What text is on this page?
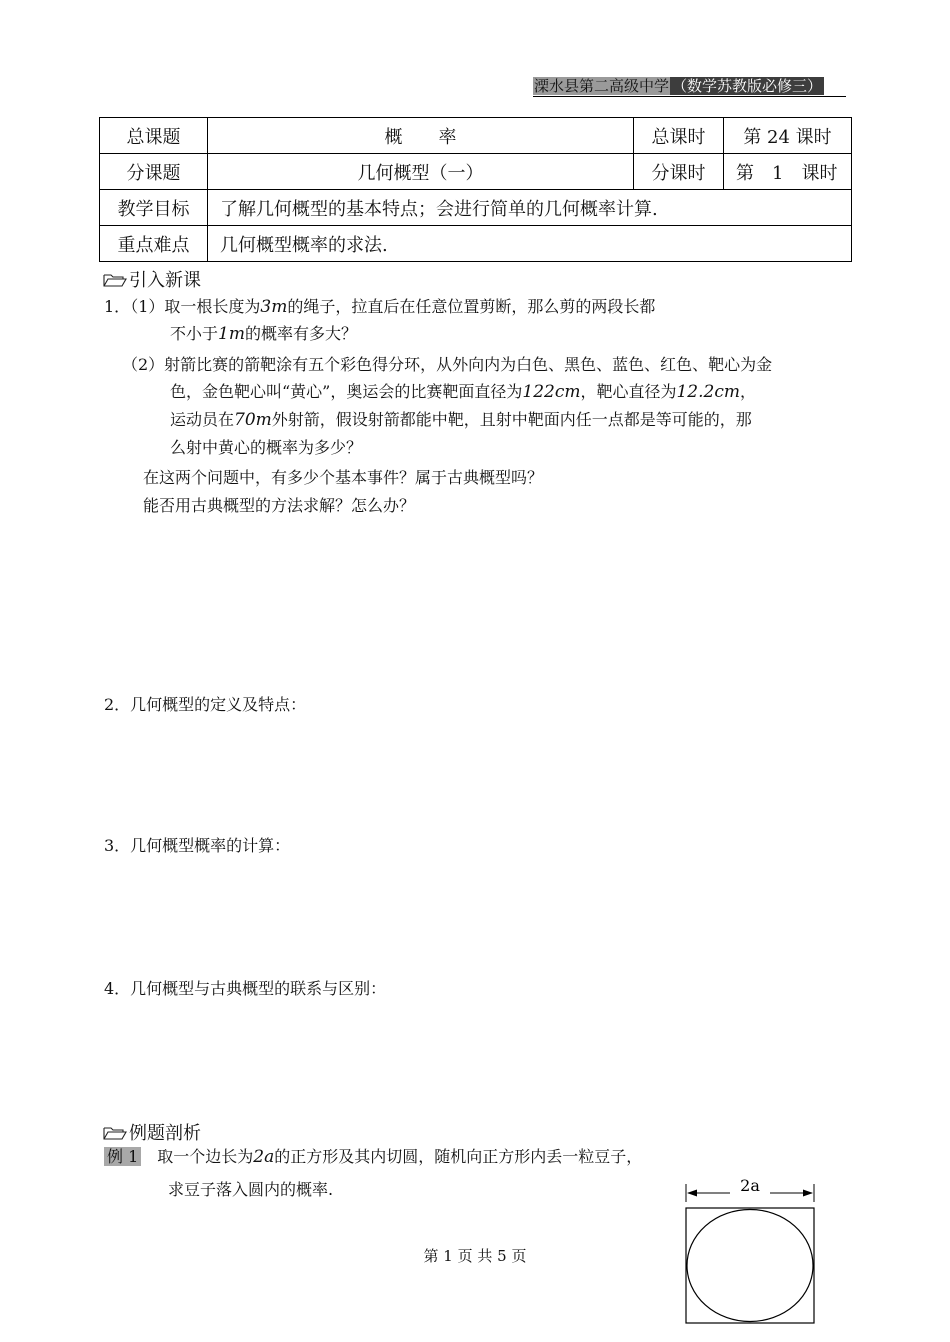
溧水县第二高级中学 （数学苏教版必修三）
总课题	概　　率	总课时	第 24 课时
分课题	几何概型（一）	分课时	第　1　课时
教学目标	了解几何概型的基本特点；会进行简单的几何概率计算.		
重点难点	几何概型概率的求法.		
引入新课
1．（1）取一根长度为3m的绳子，拉直后在任意位置剪断，那么剪的两段长都
不小于1m的概率有多大？
（2）射箭比赛的箭靶涂有五个彩色得分环，从外向内为白色、黑色、蓝色、红色、靶心为金
色，金色靶心叫“黄心”，奥运会的比赛靶面直径为122cm，靶心直径为12.2cm，
运动员在70m外射箭，假设射箭都能中靶，且射中靶面内任一点都是等可能的，那
么射中黄心的概率为多少？
在这两个问题中，有多少个基本事件？属于古典概型吗？
能否用古典概型的方法求解？怎么办？
2．几何概型的定义及特点：
3．几何概型概率的计算：
4．几何概型与古典概型的联系与区别：
例题剖析
例 1 取一个边长为2a的正方形及其内切圆，随机向正方形内丢一粒豆子，
求豆子落入圆内的概率.	2a
第 1 页 共 5 页
